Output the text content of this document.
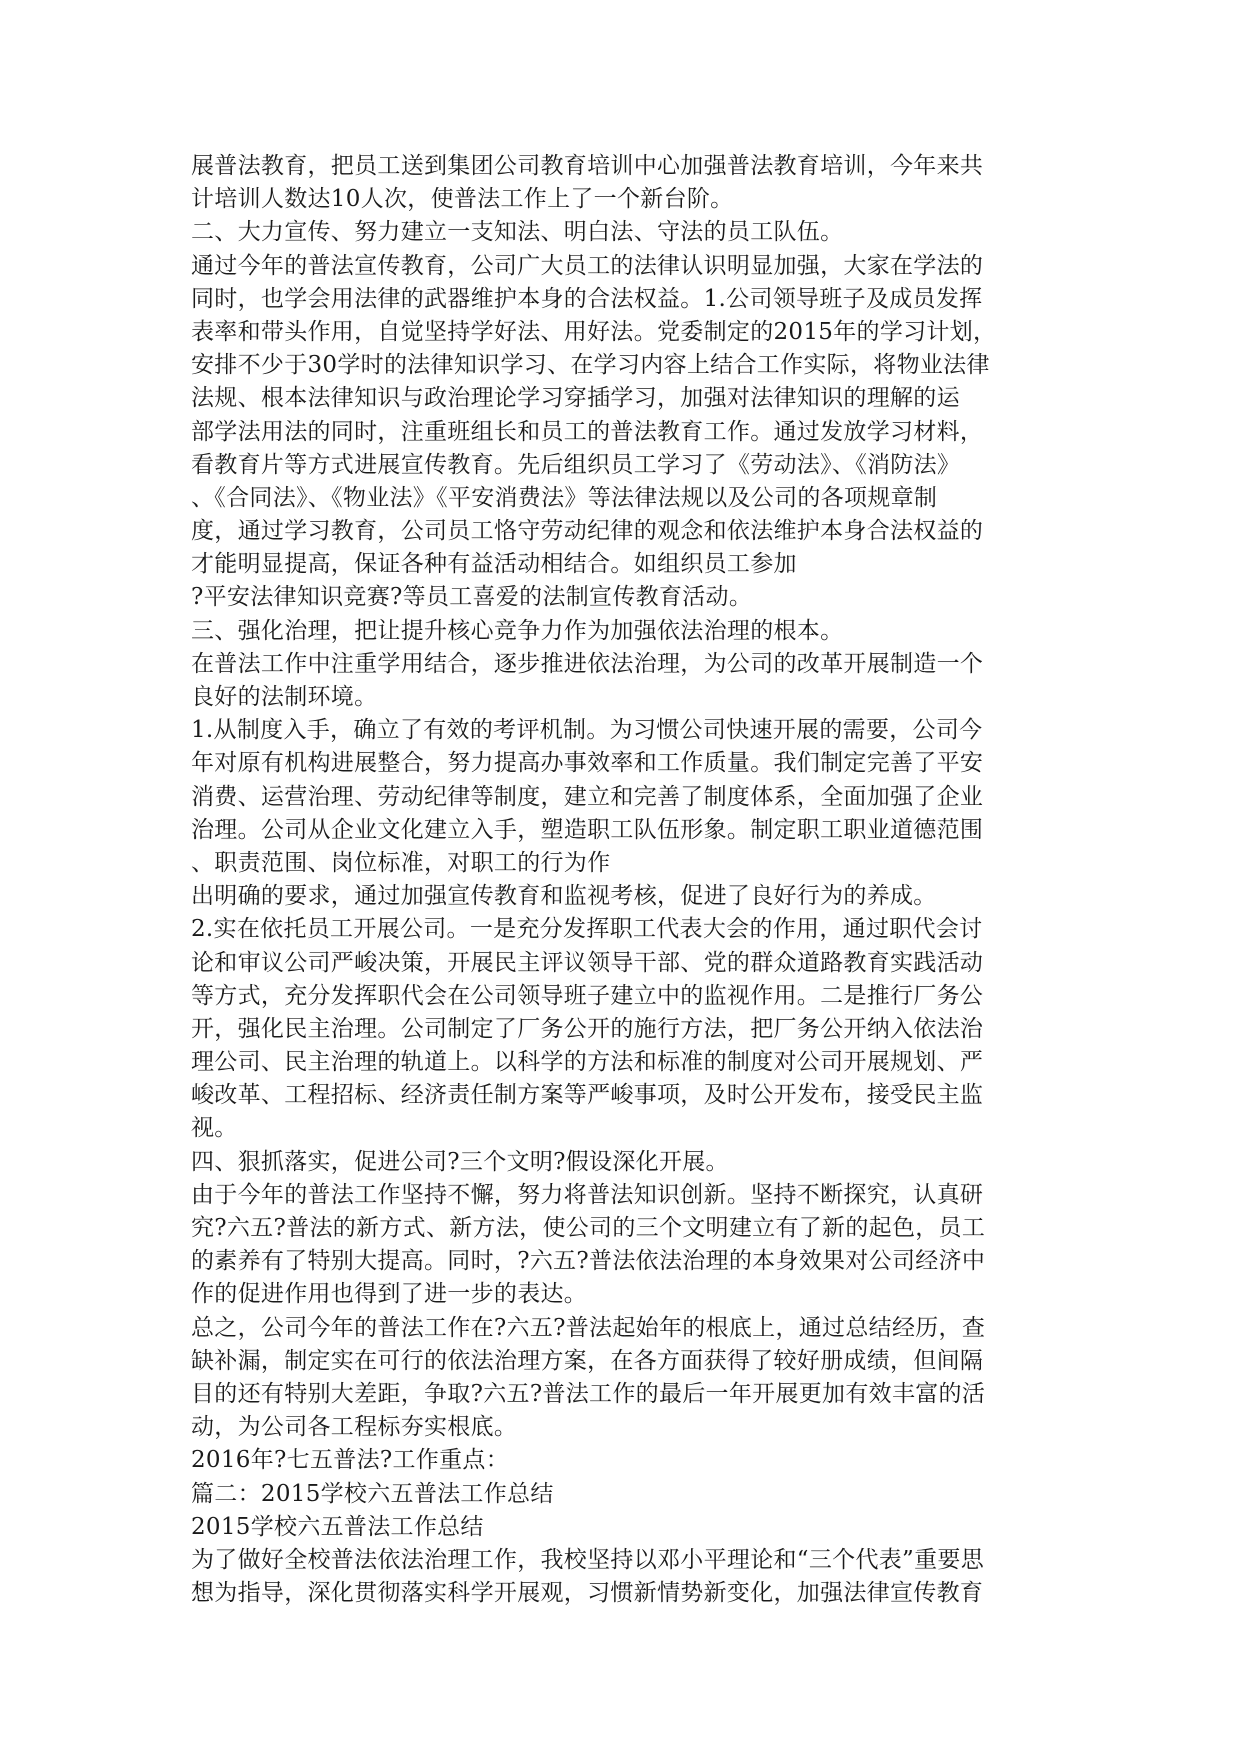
展普法教育，把员工送到集团公司教育培训中心加强普法教育培训，今年来共
计培训人数达10人次，使普法工作上了一个新台阶。
二、大力宣传、努力建立一支知法、明白法、守法的员工队伍。
通过今年的普法宣传教育，公司广大员工的法律认识明显加强，大家在学法的
同时，也学会用法律的武器维护本身的合法权益。1.公司领导班子及成员发挥
表率和带头作用，自觉坚持学好法、用好法。党委制定的2015年的学习计划，
安排不少于30学时的法律知识学习、在学习内容上结合工作实际，将物业法律
法规、根本法律知识与政治理论学习穿插学习，加强对法律知识的理解的运
部学法用法的同时，注重班组长和员工的普法教育工作。通过发放学习材料，
看教育片等方式进展宣传教育。先后组织员工学习了《劳动法》、《消防法》
、《合同法》、《物业法》《平安消费法》等法律法规以及公司的各项规章制
度，通过学习教育，公司员工恪守劳动纪律的观念和依法维护本身合法权益的
才能明显提高，保证各种有益活动相结合。如组织员工参加
?平安法律知识竞赛?等员工喜爱的法制宣传教育活动。
三、强化治理，把让提升核心竞争力作为加强依法治理的根本。
在普法工作中注重学用结合，逐步推进依法治理，为公司的改革开展制造一个
良好的法制环境。
1.从制度入手，确立了有效的考评机制。为习惯公司快速开展的需要，公司今
年对原有机构进展整合，努力提高办事效率和工作质量。我们制定完善了平安
消费、运营治理、劳动纪律等制度，建立和完善了制度体系，全面加强了企业
治理。公司从企业文化建立入手，塑造职工队伍形象。制定职工职业道德范围
、职责范围、岗位标准，对职工的行为作
出明确的要求，通过加强宣传教育和监视考核，促进了良好行为的养成。
2.实在依托员工开展公司。一是充分发挥职工代表大会的作用，通过职代会讨
论和审议公司严峻决策，开展民主评议领导干部、党的群众道路教育实践活动
等方式，充分发挥职代会在公司领导班子建立中的监视作用。二是推行厂务公
开，强化民主治理。公司制定了厂务公开的施行方法，把厂务公开纳入依法治
理公司、民主治理的轨道上。以科学的方法和标准的制度对公司开展规划、严
峻改革、工程招标、经济责任制方案等严峻事项，及时公开发布，接受民主监
视。
四、狠抓落实，促进公司?三个文明?假设深化开展。
由于今年的普法工作坚持不懈，努力将普法知识创新。坚持不断探究，认真研
究?六五?普法的新方式、新方法，使公司的三个文明建立有了新的起色，员工
的素养有了特别大提高。同时，?六五?普法依法治理的本身效果对公司经济中
作的促进作用也得到了进一步的表达。
总之，公司今年的普法工作在?六五?普法起始年的根底上，通过总结经历，查
缺补漏，制定实在可行的依法治理方案，在各方面获得了较好册成绩，但间隔
目的还有特别大差距，争取?六五?普法工作的最后一年开展更加有效丰富的活
动，为公司各工程标夯实根底。
2016年?七五普法?工作重点：
篇二：2015学校六五普法工作总结
2015学校六五普法工作总结
为了做好全校普法依法治理工作，我校坚持以邓小平理论和“三个代表”重要思
想为指导，深化贯彻落实科学开展观，习惯新情势新变化，加强法律宣传教育
